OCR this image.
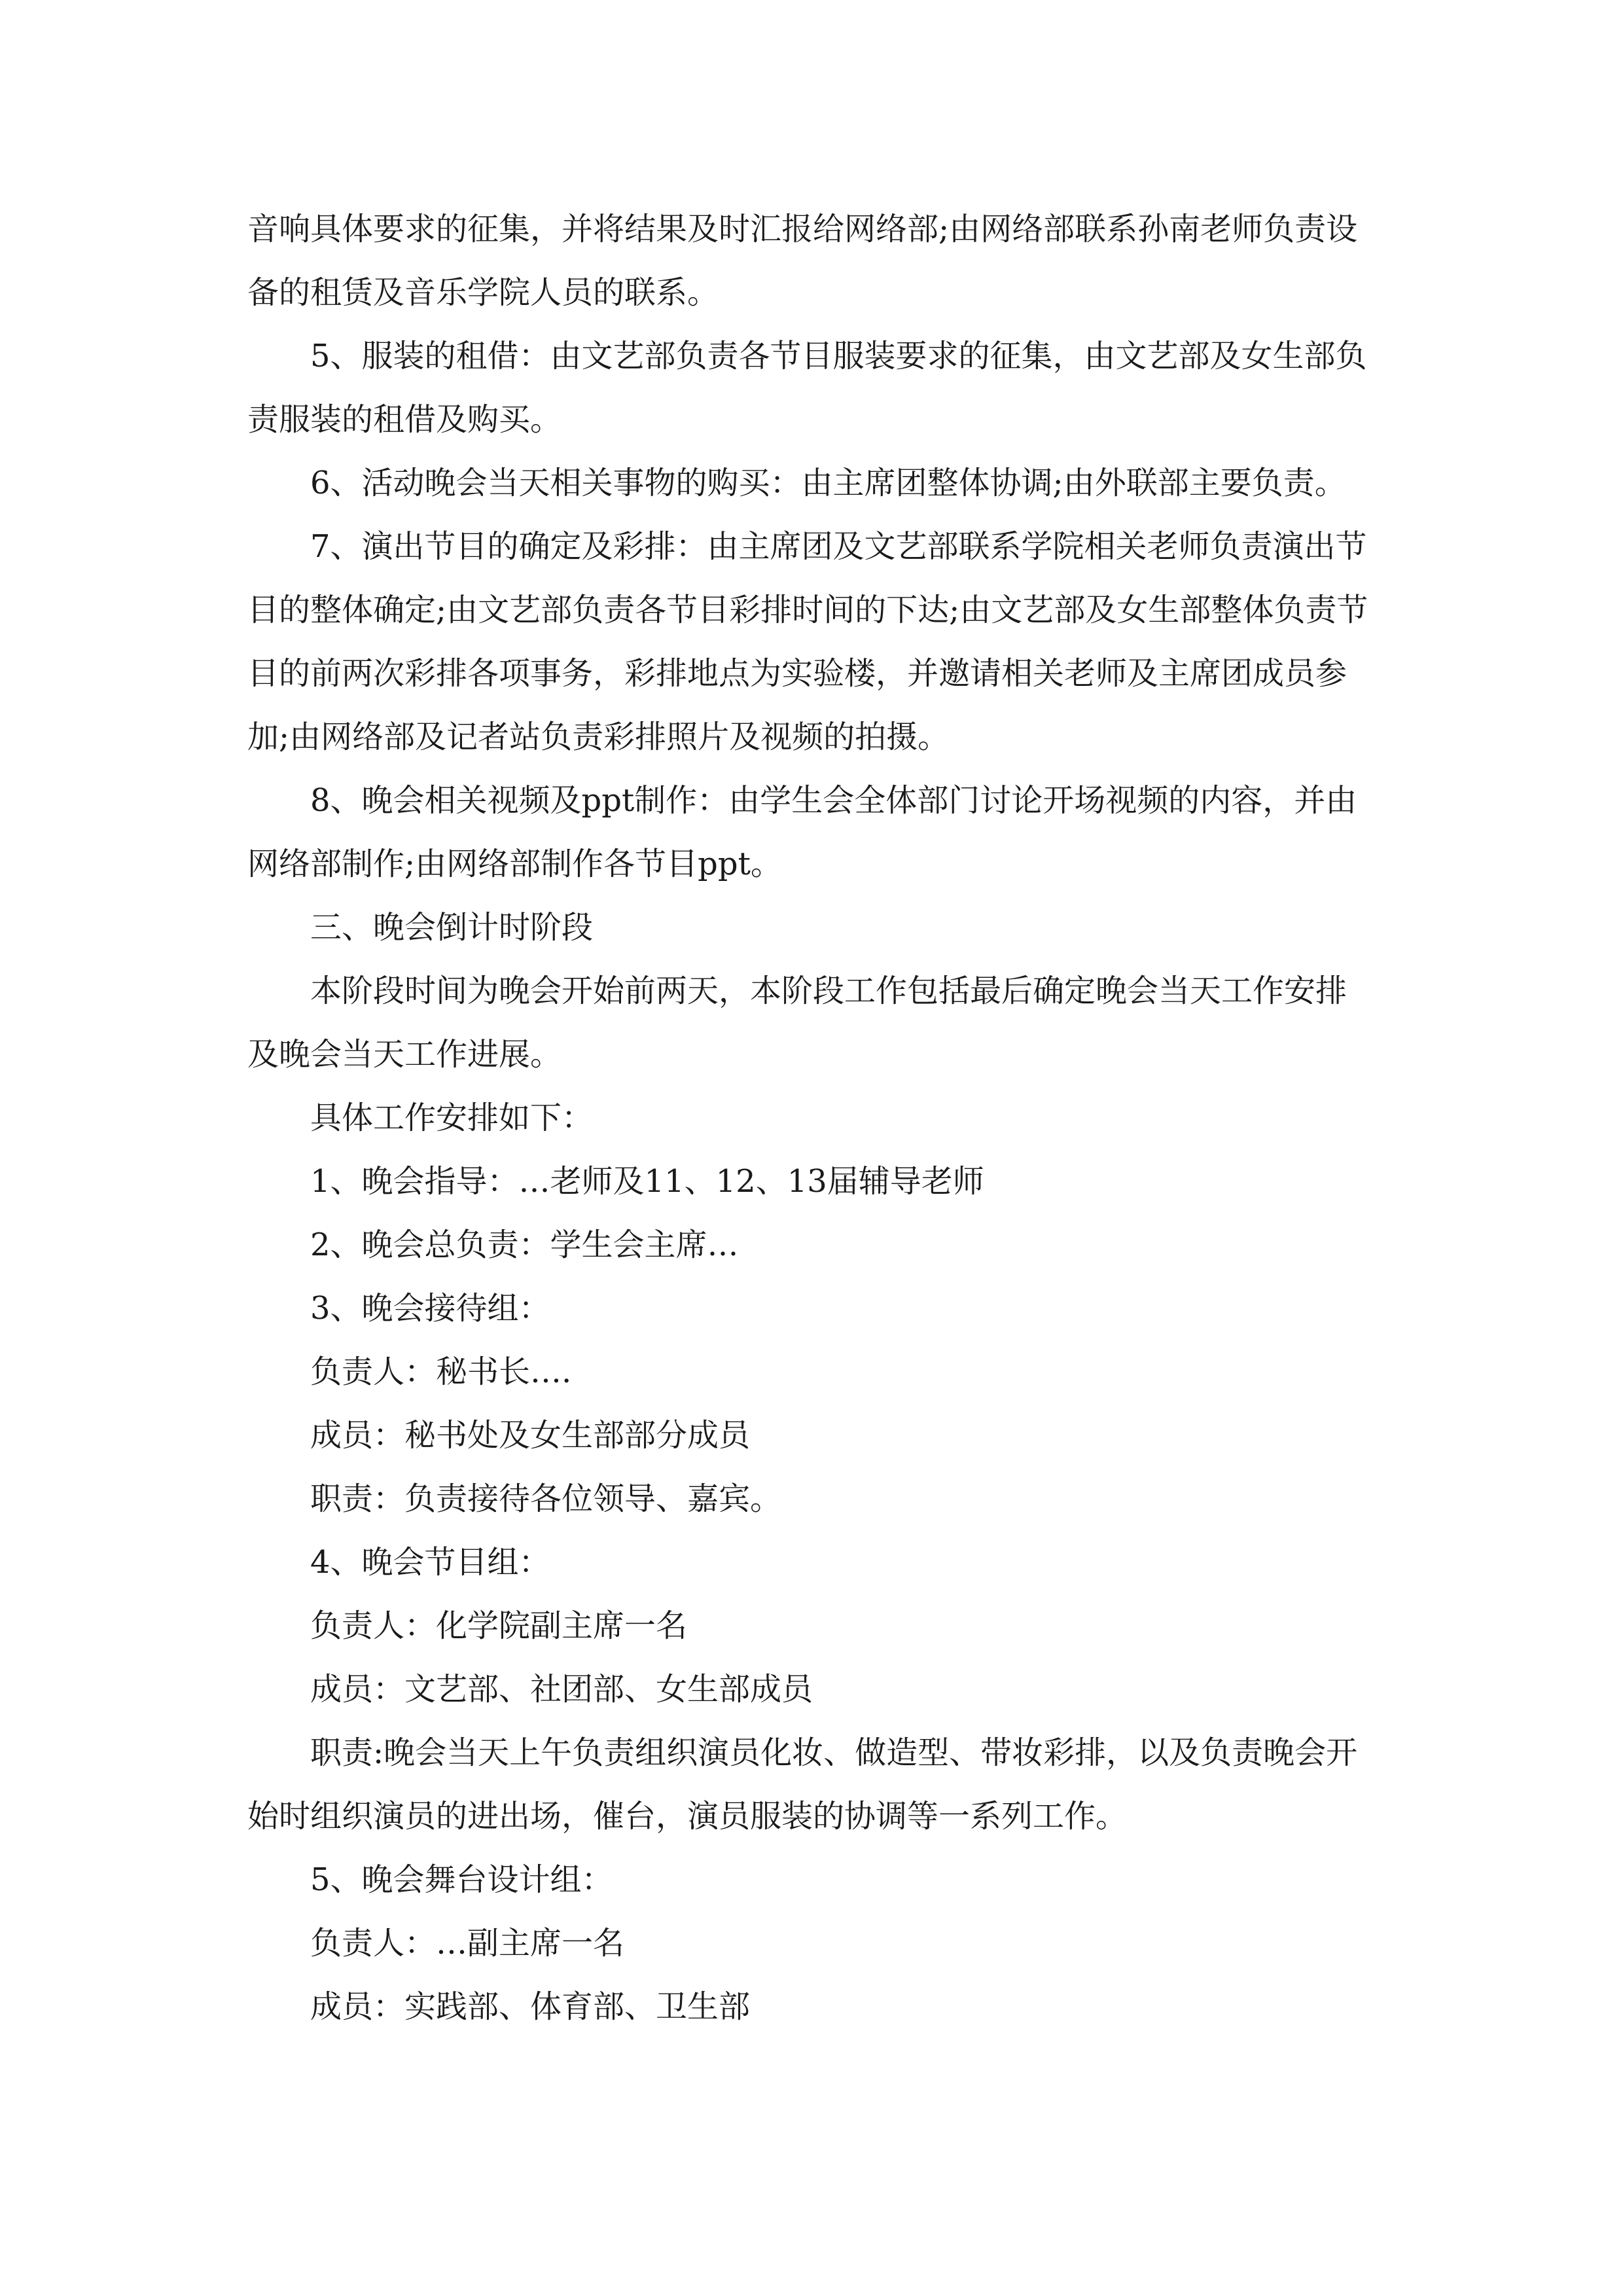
音响具体要求的征集，并将结果及时汇报给网络部;由网络部联系孙南老师负责设备的租赁及音乐学院人员的联系。

5、服装的租借：由文艺部负责各节目服装要求的征集，由文艺部及女生部负责服装的租借及购买。

6、活动晚会当天相关事物的购买：由主席团整体协调;由外联部主要负责。

7、演出节目的确定及彩排：由主席团及文艺部联系学院相关老师负责演出节目的整体确定;由文艺部负责各节目彩排时间的下达;由文艺部及女生部整体负责节目的前两次彩排各项事务，彩排地点为实验楼，并邀请相关老师及主席团成员参加;由网络部及记者站负责彩排照片及视频的拍摄。

8、晚会相关视频及ppt制作：由学生会全体部门讨论开场视频的内容，并由网络部制作;由网络部制作各节目ppt。

三、晚会倒计时阶段

本阶段时间为晚会开始前两天，本阶段工作包括最后确定晚会当天工作安排及晚会当天工作进展。

具体工作安排如下：

1、晚会指导：…老师及11、12、13届辅导老师

2、晚会总负责：学生会主席…

3、晚会接待组：

负责人：秘书长….

成员：秘书处及女生部部分成员

职责：负责接待各位领导、嘉宾。

4、晚会节目组：

负责人：化学院副主席一名

成员：文艺部、社团部、女生部成员

职责:晚会当天上午负责组织演员化妆、做造型、带妆彩排，以及负责晚会开始时组织演员的进出场，催台，演员服装的协调等一系列工作。

5、晚会舞台设计组：

负责人：…副主席一名

成员：实践部、体育部、卫生部
